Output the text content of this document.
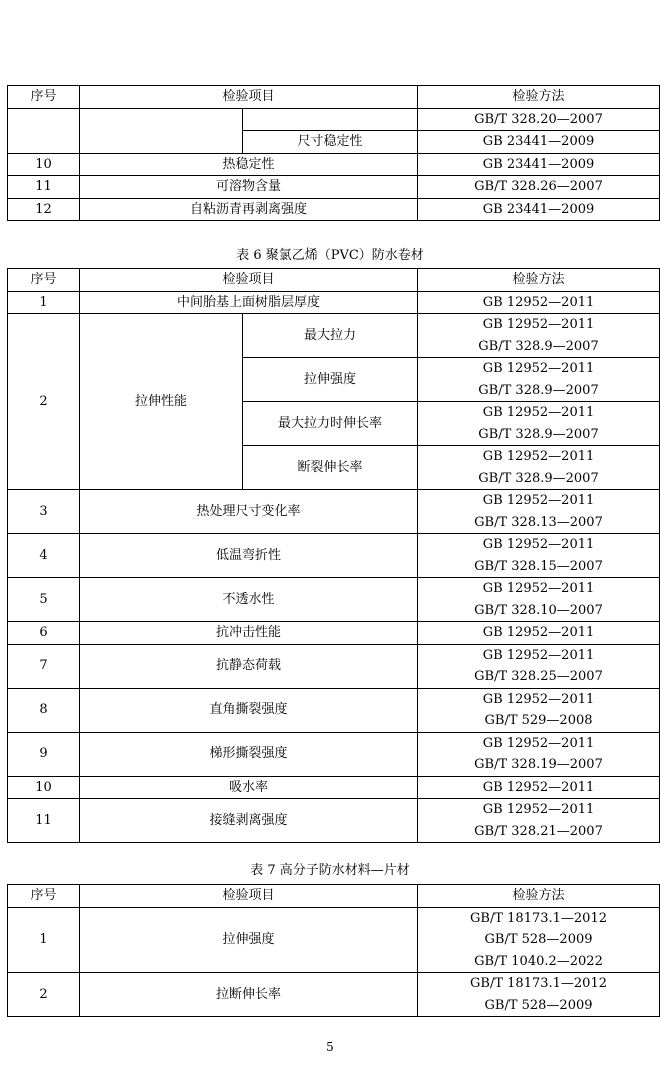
序号	检验项目		检验方法
			GB/T 328.20—2007
		尺寸稳定性	GB 23441—2009
10	热稳定性		GB 23441—2009
11	可溶物含量		GB/T 328.26—2007
12	自粘沥青再剥离强度		GB 23441—2009
表 6 聚氯乙烯（PVC）防水卷材
序号	检验项目		检验方法
1	中间胎基上面树脂层厚度		GB 12952—2011
2	拉伸性能	最大拉力	GB 12952—2011
GB/T 328.9—2007

		拉伸强度	GB 12952—2011
GB/T 328.9—2007

		最大拉力时伸长率	GB 12952—2011
GB/T 328.9—2007

		断裂伸长率	GB 12952—2011
GB/T 328.9—2007

3	热处理尺寸变化率		GB 12952—2011
GB/T 328.13—2007

4	低温弯折性		GB 12952—2011
GB/T 328.15—2007

5	不透水性		GB 12952—2011
GB/T 328.10—2007

6	抗冲击性能		GB 12952—2011
7	抗静态荷载		GB 12952—2011
GB/T 328.25—2007

8	直角撕裂强度		GB 12952—2011
GB/T 529—2008

9	梯形撕裂强度		GB 12952—2011
GB/T 328.19—2007

10	吸水率		GB 12952—2011
11	接缝剥离强度		GB 12952—2011
GB/T 328.21—2007
表 7 高分子防水材料—片材
序号	检验项目	检验方法
1	拉伸强度	GB/T 18173.1—2012
GB/T 528—2009
GB/T 1040.2—2022

2	拉断伸长率	GB/T 18173.1—2012
GB/T 528—2009
5
